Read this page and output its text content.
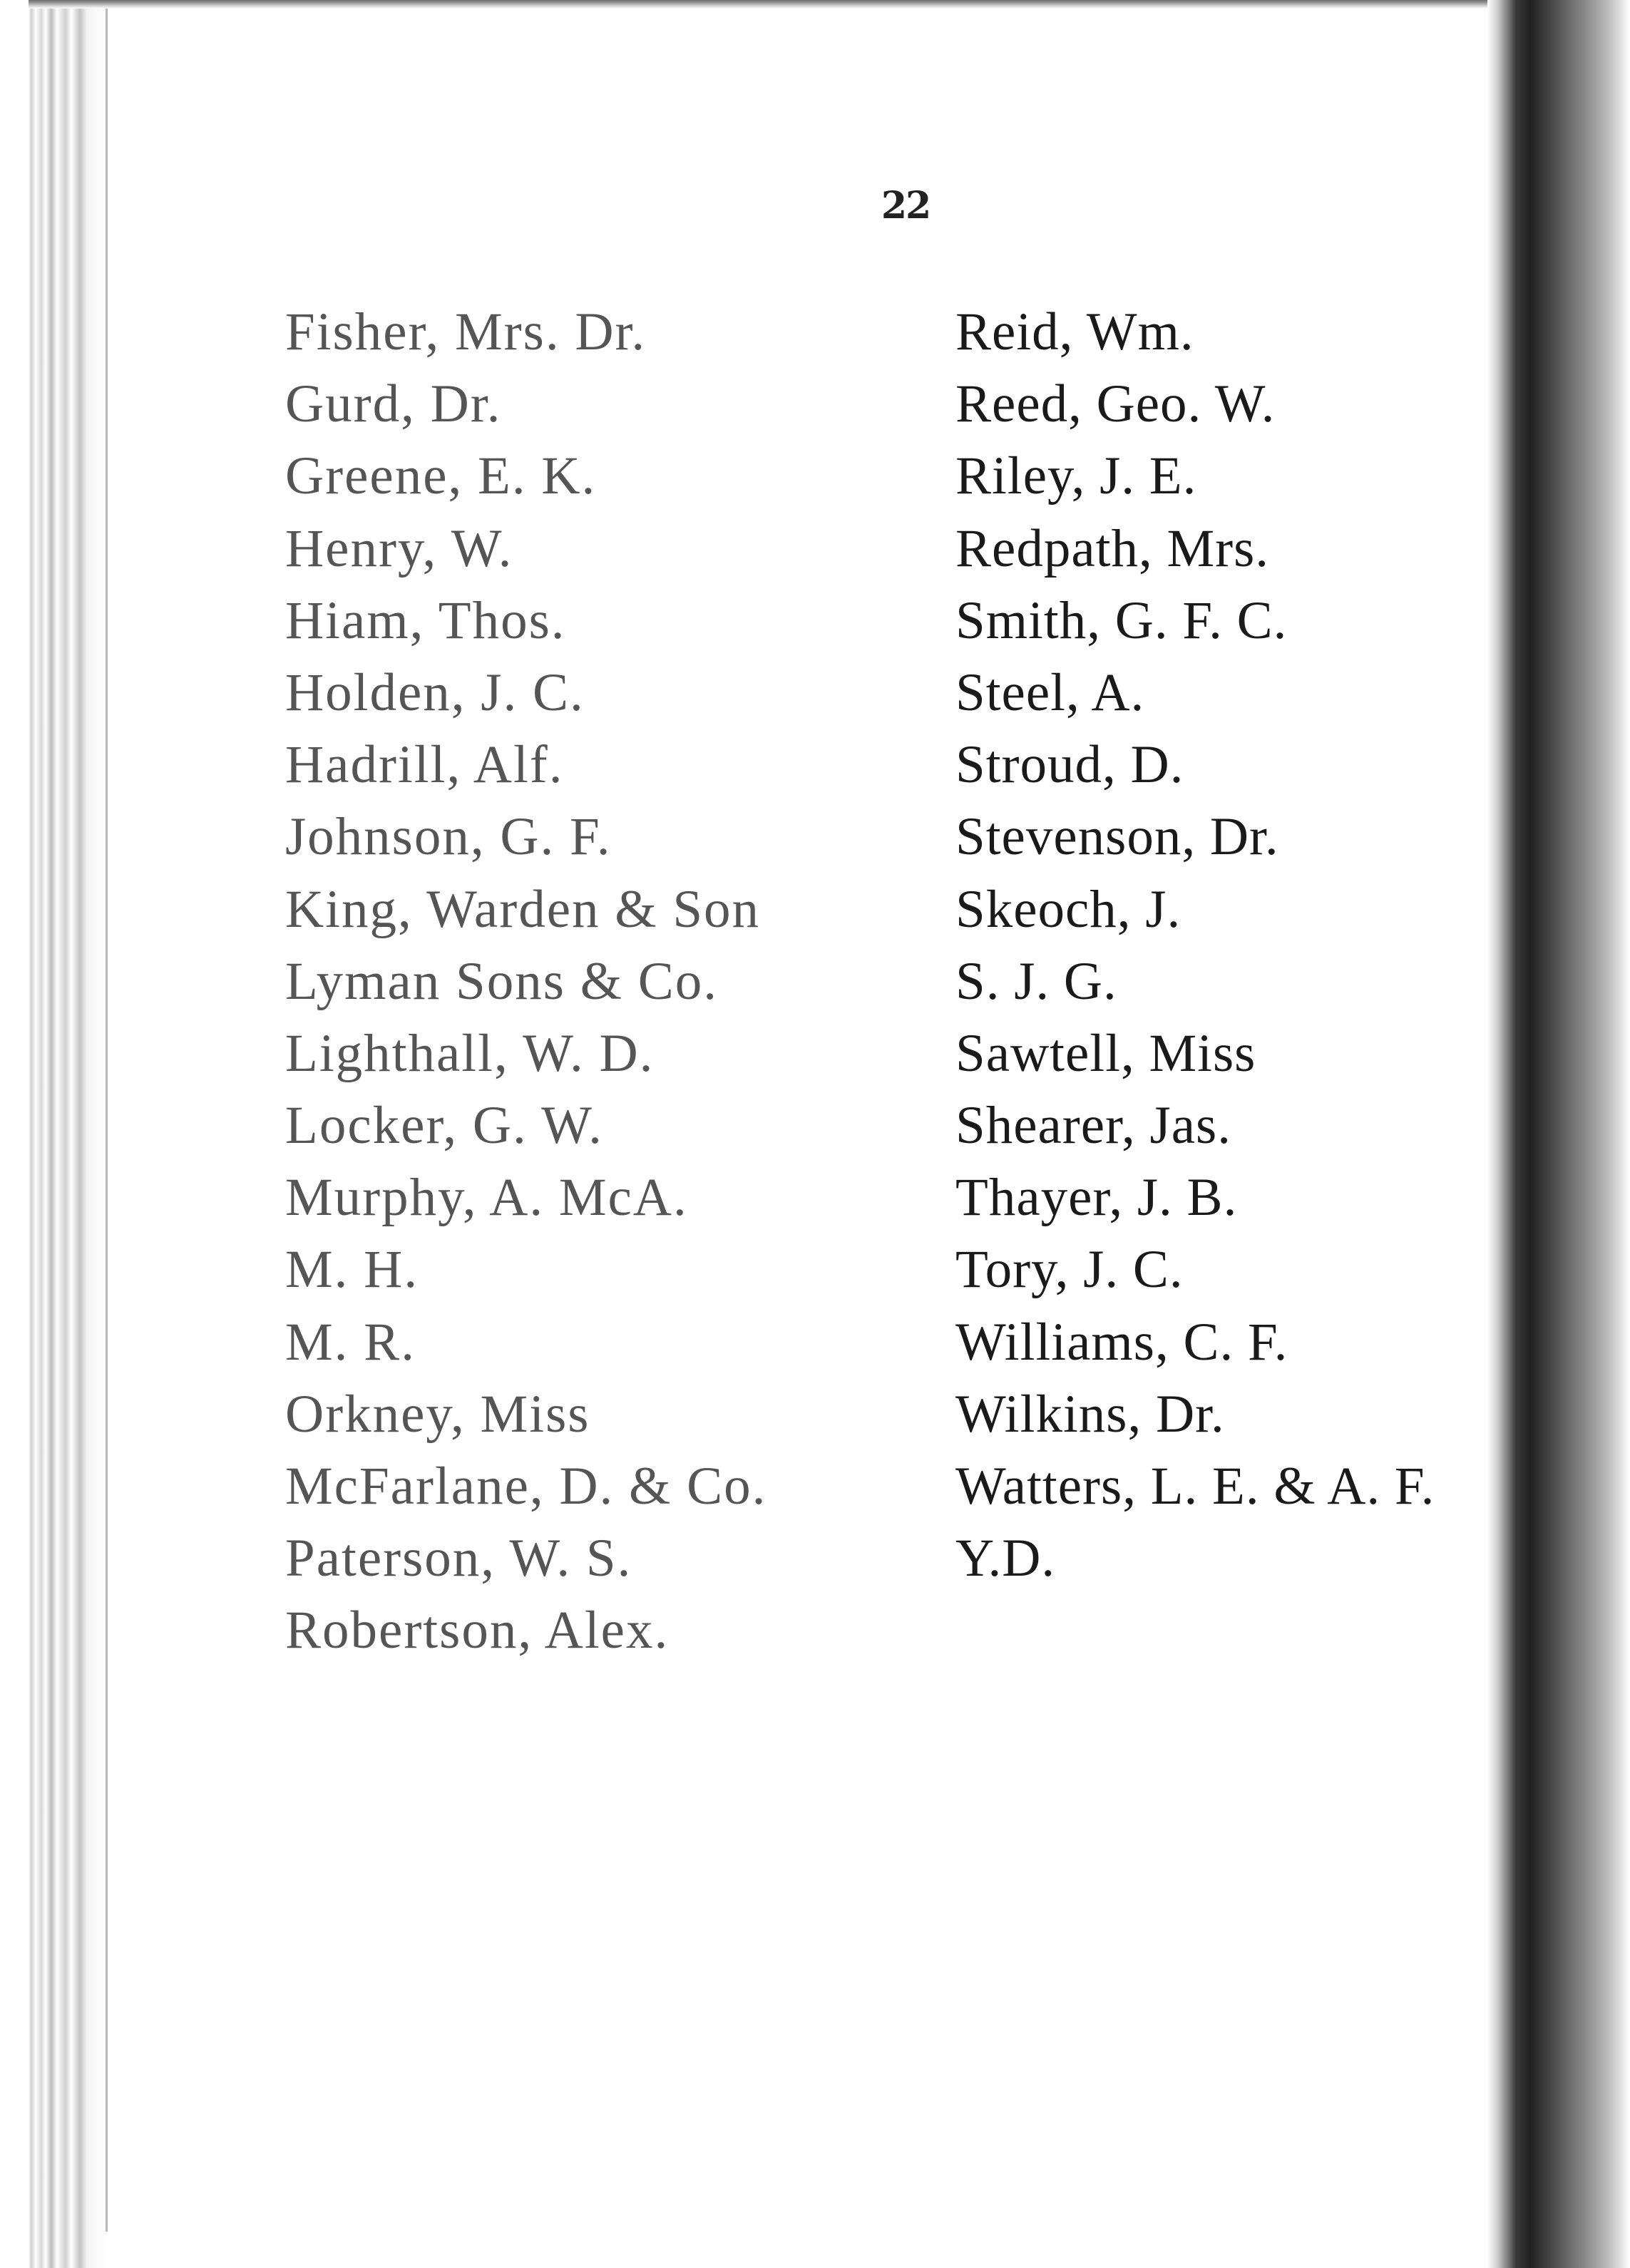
22
Fisher, Mrs. Dr.
Gurd, Dr.
Greene, E. K.
Henry, W.
Hiam, Thos.
Holden, J. C.
Hadrill, Alf.
Johnson, G. F.
King, Warden & Son
Lyman Sons & Co.
Lighthall, W. D.
Locker, G. W.
Murphy, A. McA.
M. H.
M. R.
Orkney, Miss
McFarlane, D. & Co.
Paterson, W. S.
Robertson, Alex.
Reid, Wm.
Reed, Geo. W.
Riley, J. E.
Redpath, Mrs.
Smith, G. F. C.
Steel, A.
Stroud, D.
Stevenson, Dr.
Skeoch, J.
S. J. G.
Sawtell, Miss
Shearer, Jas.
Thayer, J. B.
Tory, J. C.
Williams, C. F.
Wilkins, Dr.
Watters, L. E. & A. F.
Y.D.
